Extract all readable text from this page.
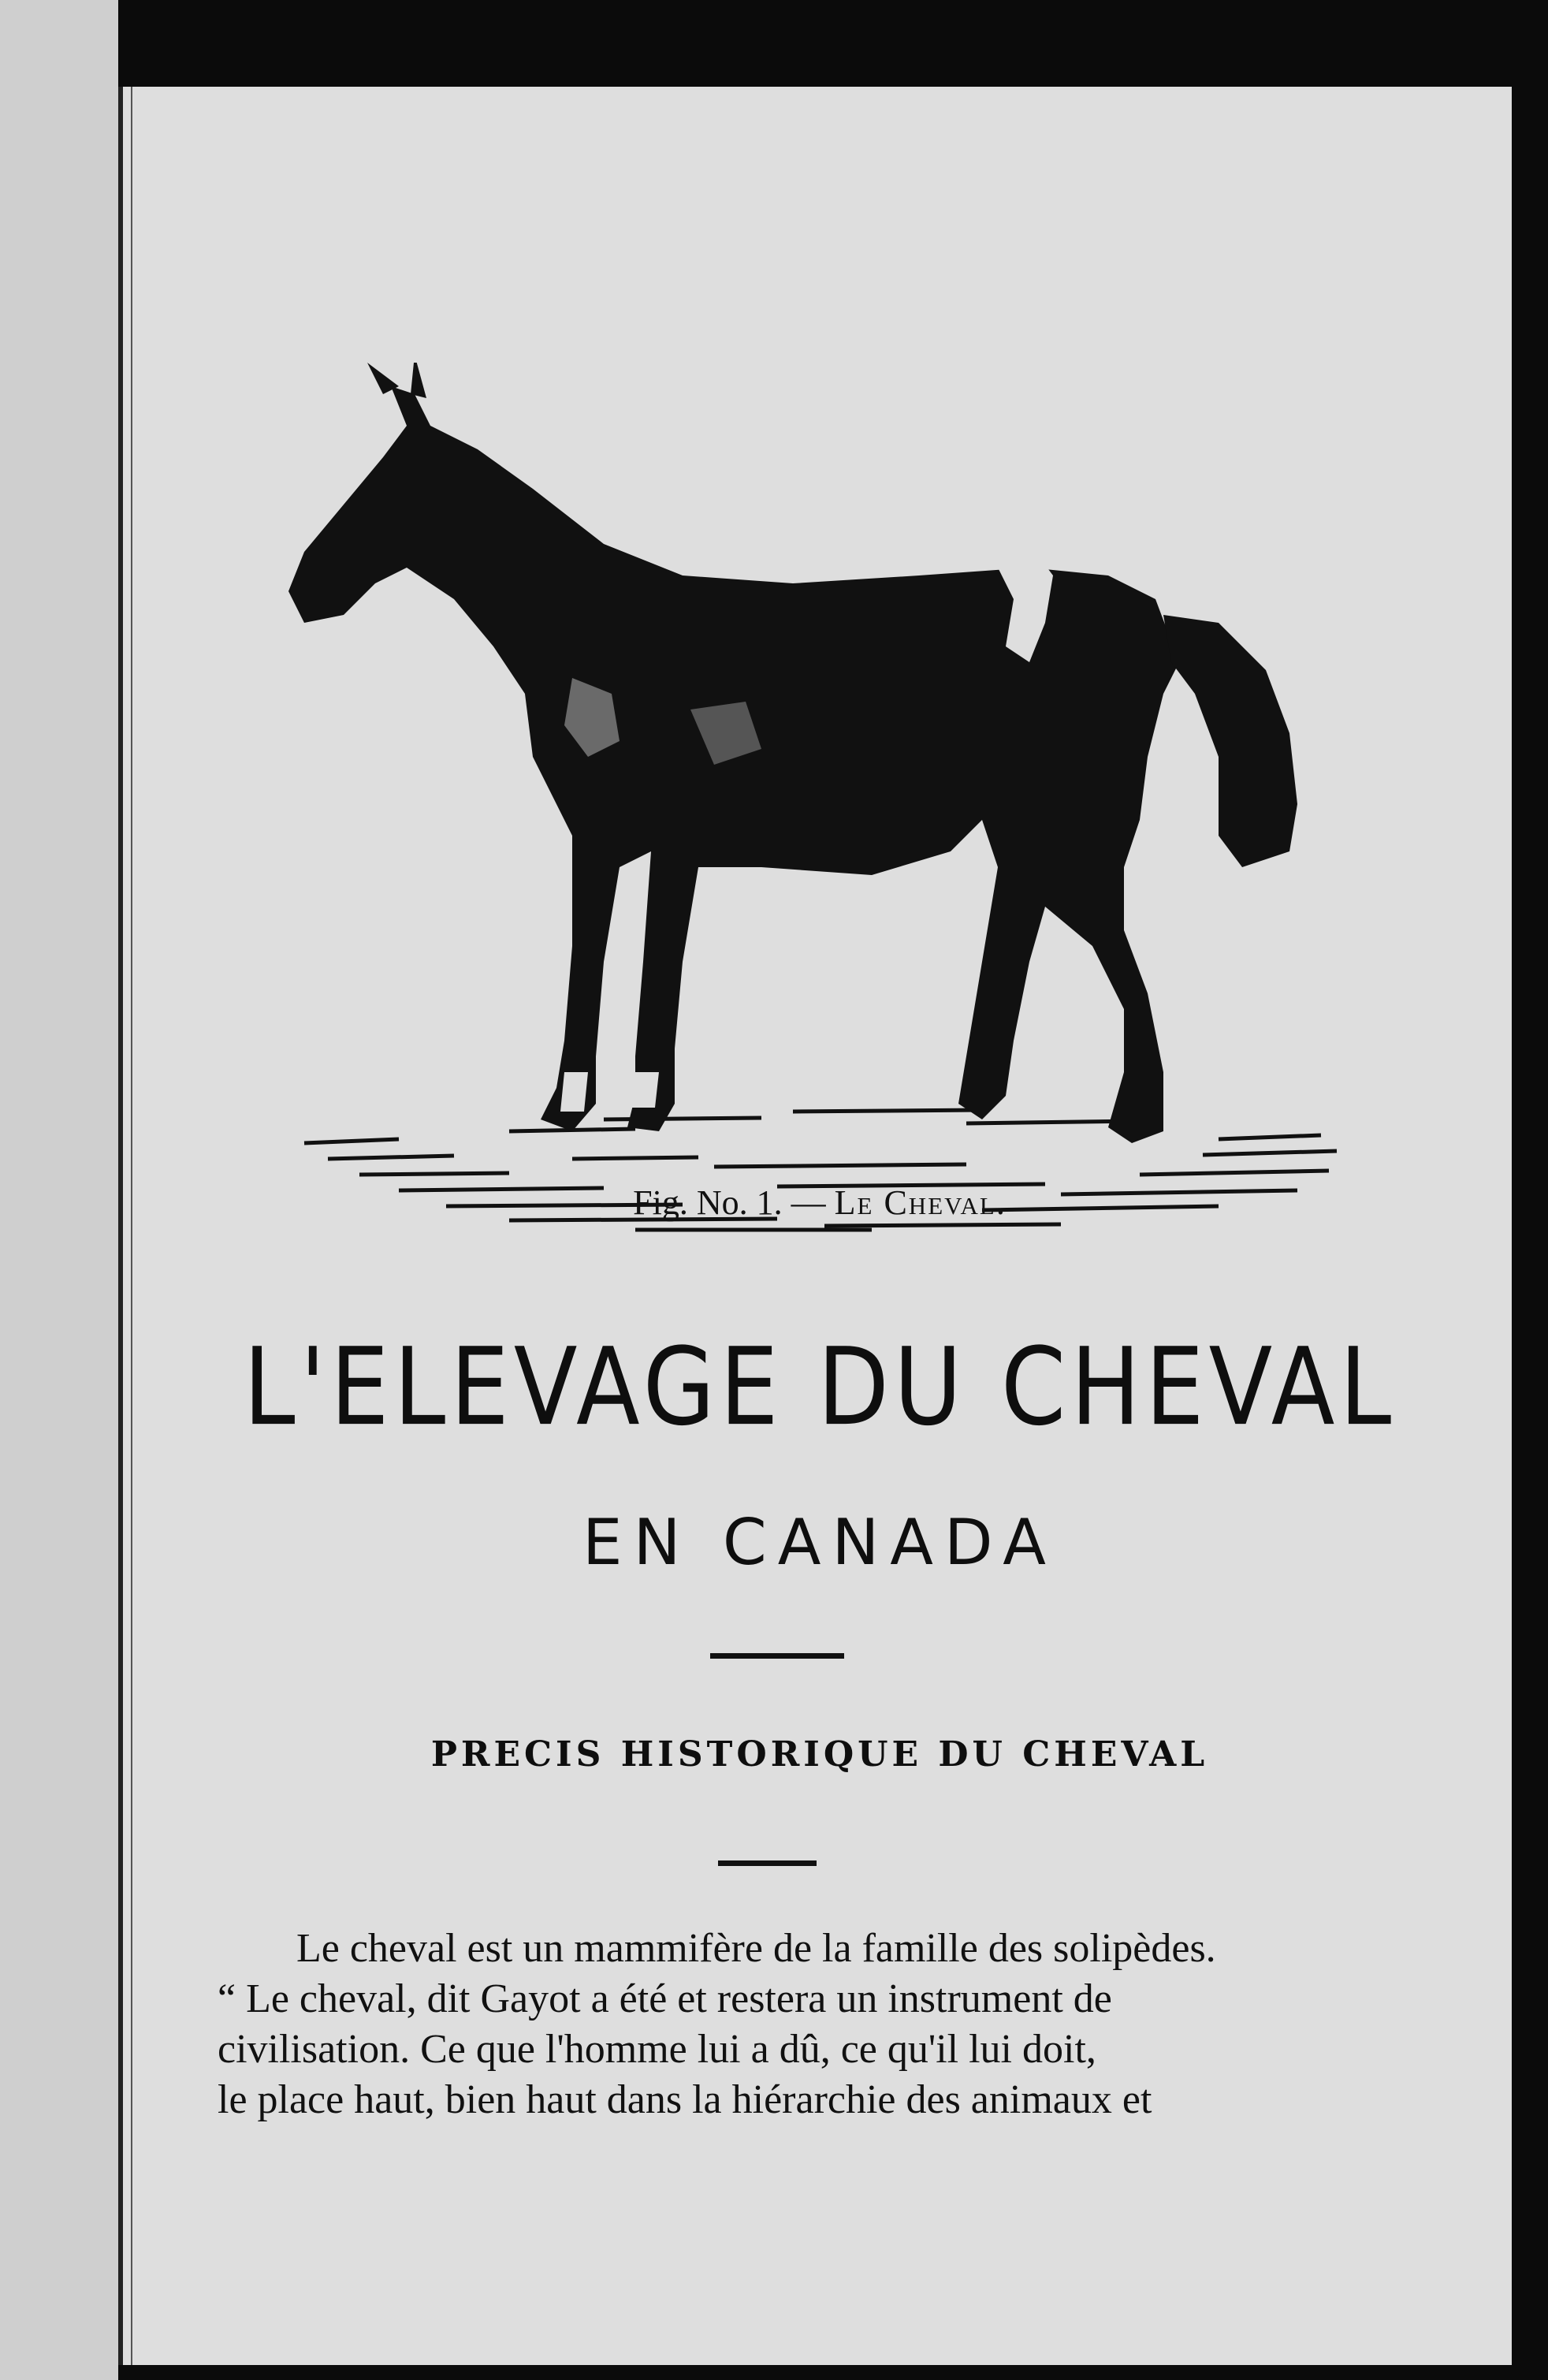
Fig. No. 1. — Le Cheval.
L'ELEVAGE DU CHEVAL
EN CANADA
PRECIS HISTORIQUE DU CHEVAL
Le cheval est un mammifère de la famille des solipèdes.
“ Le cheval, dit Gayot a été et restera un instrument de
civilisation. Ce que l'homme lui a dû, ce qu'il lui doit,
le place haut, bien haut dans la hiérarchie des animaux et
